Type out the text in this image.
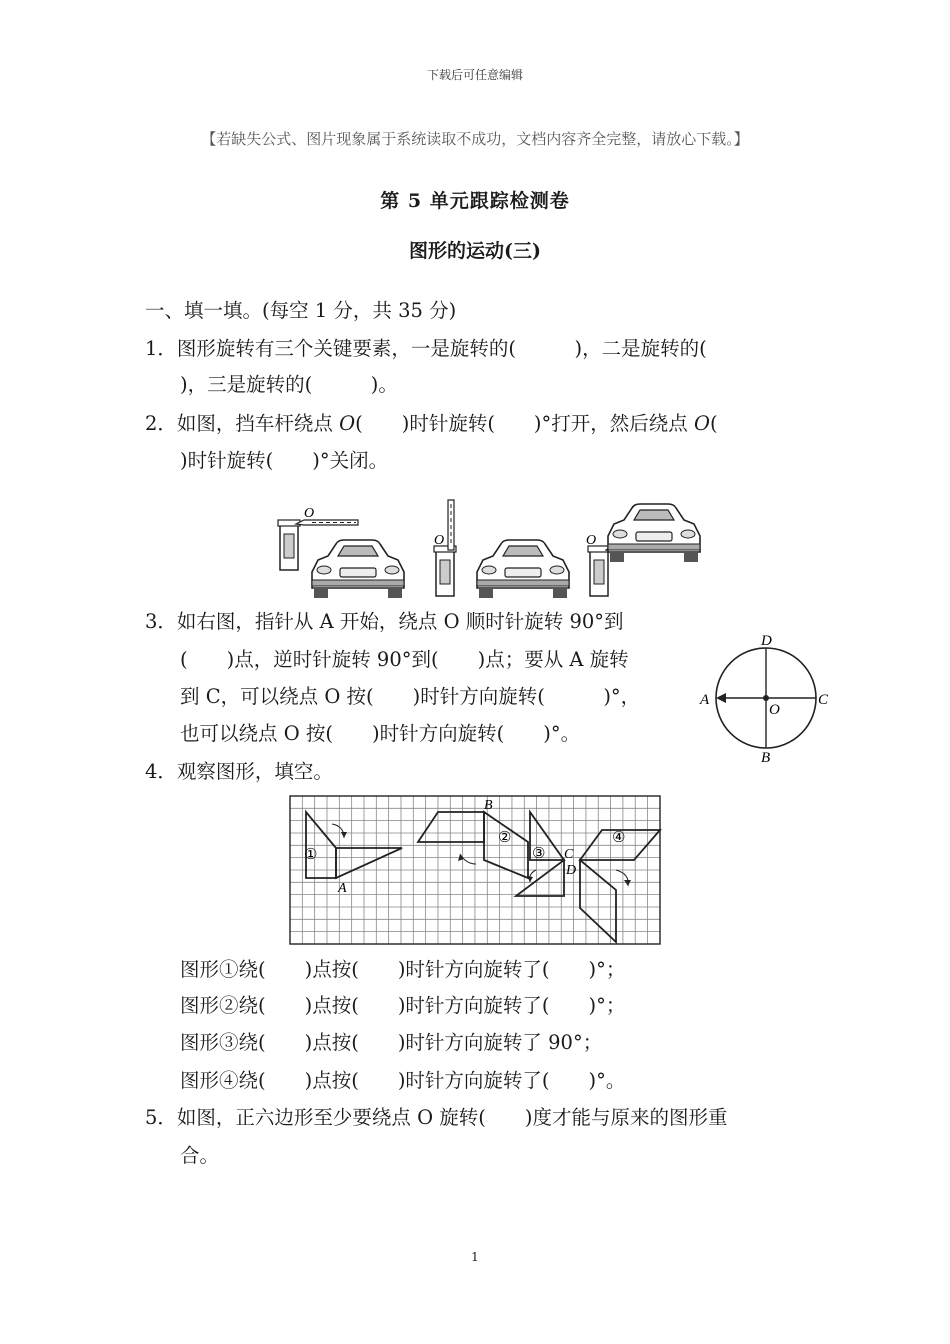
下载后可任意编辑
【若缺失公式、图片现象属于系统读取不成功，文档内容齐全完整，请放心下载。】
第 5 单元跟踪检测卷
图形的运动(三)
一、填一填。(每空 1 分，共 35 分)
1．图形旋转有三个关键要素，一是旋转的(　　　)，二是旋转的(
)，三是旋转的(　　　)。
2．如图，挡车杆绕点 O(　　)时针旋转(　　)°打开，然后绕点 O(
)时针旋转(　　)°关闭。
O
O	O
3．如右图，指针从 A 开始，绕点 O 顺时针旋转 90°到
(　　)点，逆时针旋转 90°到(　　)点；要从 A 旋转
到 C，可以绕点 O 按(　　)时针方向旋转(　　　)°，
也可以绕点 O 按(　　)时针方向旋转(　　)°。
D
B
A	C
O
4．观察图形，填空。
①
②
③
④
A
B
C
D
图形①绕(　　)点按(　　)时针方向旋转了(　　)°；
图形②绕(　　)点按(　　)时针方向旋转了(　　)°；
图形③绕(　　)点按(　　)时针方向旋转了 90°；
图形④绕(　　)点按(　　)时针方向旋转了(　　)°。
5．如图，正六边形至少要绕点 O 旋转(　　)度才能与原来的图形重
合。
1
